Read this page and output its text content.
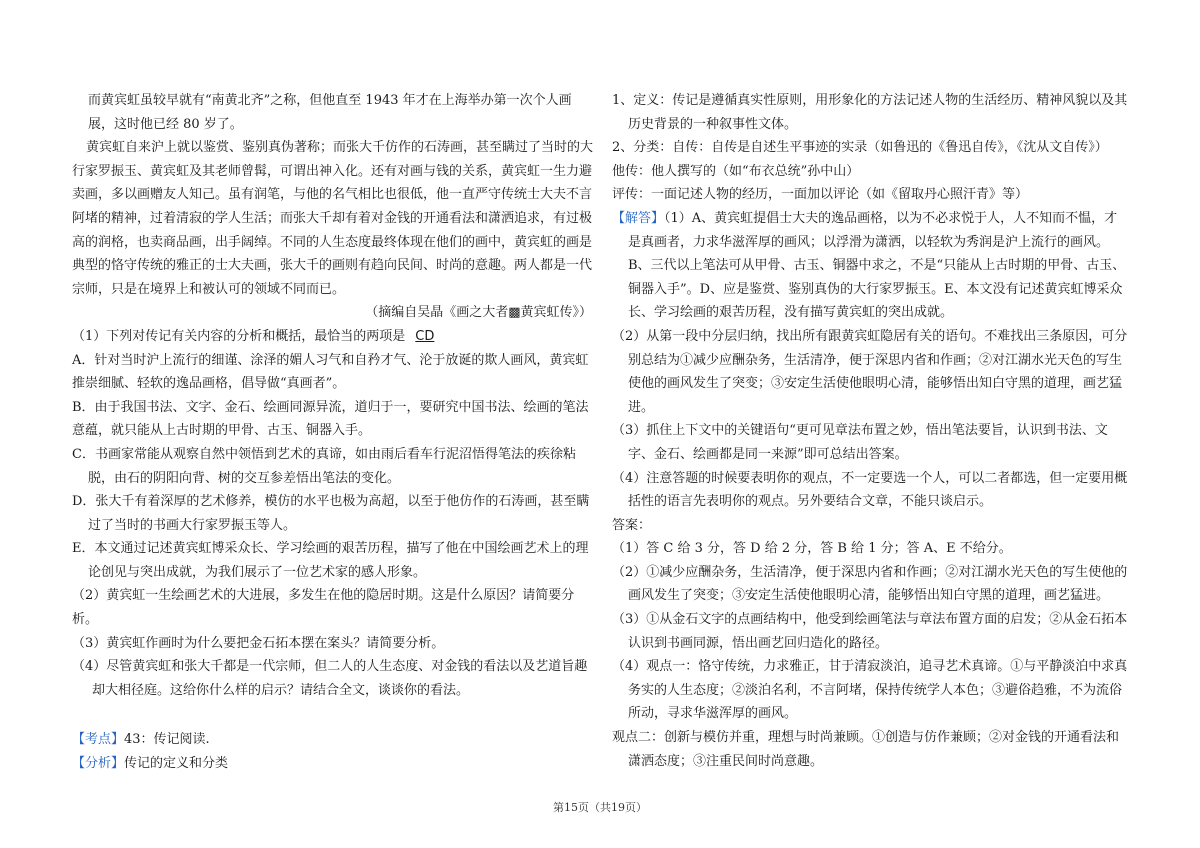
而黄宾虹虽较早就有“南黄北齐”之称，但他直至 1943 年才在上海举办第一次个人画展，这时他已经 80 岁了。

黄宾虹自来沪上就以鉴赏、鉴别真伪著称；而张大千仿作的石涛画，甚至瞒过了当时的大行家罗振玉、黄宾虹及其老师曾髯，可谓出神入化。还有对画与钱的关系，黄宾虹一生力避卖画，多以画赠友人知己。虽有润笔，与他的名气相比也很低，他一直严守传统士大夫不言阿堵的精神，过着清寂的学人生活；而张大千却有着对金钱的开通看法和潇洒追求，有过极高的润格，也卖商品画，出手阔绰。不同的人生态度最终体现在他们的画中，黄宾虹的画是典型的恪守传统的雅正的士大夫画，张大千的画则有趋向民间、时尚的意趣。两人都是一代宗师，只是在境界上和被认可的领域不同而已。

（摘编自吴晶《画之大者▩黄宾虹传》）

（1）下列对传记有关内容的分析和概括，最恰当的两项是 CD

A．针对当时沪上流行的细谨、涂泽的媚人习气和自矜才气、沦于放诞的欺人画风，黄宾虹推崇细腻、轻软的逸品画格，倡导做“真画者”。

B．由于我国书法、文字、金石、绘画同源异流，道归于一，要研究中国书法、绘画的笔法意蕴，就只能从上古时期的甲骨、古玉、铜器入手。

C．书画家常能从观察自然中领悟到艺术的真谛，如由雨后看车行泥沼悟得笔法的疾徐粘脱，由石的阴阳向背、树的交互参差悟出笔法的变化。

D．张大千有着深厚的艺术修养，模仿的水平也极为高超，以至于他仿作的石涛画，甚至瞒过了当时的书画大行家罗振玉等人。

E．本文通过记述黄宾虹博采众长、学习绘画的艰苦历程，描写了他在中国绘画艺术上的理论创见与突出成就，为我们展示了一位艺术家的感人形象。

（2）黄宾虹一生绘画艺术的大进展，多发生在他的隐居时期。这是什么原因？请简要分析。

（3）黄宾虹作画时为什么要把金石拓本摆在案头？请简要分析。

（4）尽管黄宾虹和张大千都是一代宗师，但二人的人生态度、对金钱的看法以及艺道旨趣却大相径庭。这给你什么样的启示？请结合全文，谈谈你的看法。

【考点】43：传记阅读.

【分析】传记的定义和分类

1、定义：传记是遵循真实性原则，用形象化的方法记述人物的生活经历、精神风貌以及其历史背景的一种叙事性文体。

2、分类：自传：自传是自述生平事迹的实录（如鲁迅的《鲁迅自传》，《沈从文自传》）

他传：他人撰写的（如“布衣总统”孙中山）

评传：一面记述人物的经历，一面加以评论（如《留取丹心照汗青》等）

【解答】（1）A、黄宾虹提倡士大夫的逸品画格，以为不必求悦于人，人不知而不愠，才是真画者，力求华滋浑厚的画风；以浮滑为潇洒，以轻软为秀润是沪上流行的画风。B、三代以上笔法可从甲骨、古玉、铜器中求之，不是“只能从上古时期的甲骨、古玉、铜器入手”。D、应是鉴赏、鉴别真伪的大行家罗振玉。E、本文没有记述黄宾虹博采众长、学习绘画的艰苦历程，没有描写黄宾虹的突出成就。

（2）从第一段中分层归纳，找出所有跟黄宾虹隐居有关的语句。不难找出三条原因，可分别总结为①减少应酬杂务，生活清净，便于深思内省和作画；②对江湖水光天色的写生使他的画风发生了突变；③安定生活使他眼明心清，能够悟出知白守黑的道理，画艺猛进。

（3）抓住上下文中的关键语句“更可见章法布置之妙，悟出笔法要旨，认识到书法、文字、金石、绘画都是同一来源”即可总结出答案。

（4）注意答题的时候要表明你的观点，不一定要选一个人，可以二者都选，但一定要用概括性的语言先表明你的观点。另外要结合文章，不能只谈启示。

答案：

（1）答 C 给 3 分，答 D 给 2 分，答 B 给 1 分；答 A、E 不给分。

（2）①减少应酬杂务，生活清净，便于深思内省和作画；②对江湖水光天色的写生使他的画风发生了突变；③安定生活使他眼明心清，能够悟出知白守黑的道理，画艺猛进。

（3）①从金石文字的点画结构中，他受到绘画笔法与章法布置方面的启发；②从金石拓本认识到书画同源，悟出画艺回归造化的路径。

（4）观点一：恪守传统，力求雅正，甘于清寂淡泊，追寻艺术真谛。①与平静淡泊中求真务实的人生态度；②淡泊名利，不言阿堵，保持传统学人本色；③避俗趋雅，不为流俗所动，寻求华滋浑厚的画风。

观点二：创新与模仿并重，理想与时尚兼顾。①创造与仿作兼顾；②对金钱的开通看法和潇洒态度；③注重民间时尚意趣。

第15页（共19页）
